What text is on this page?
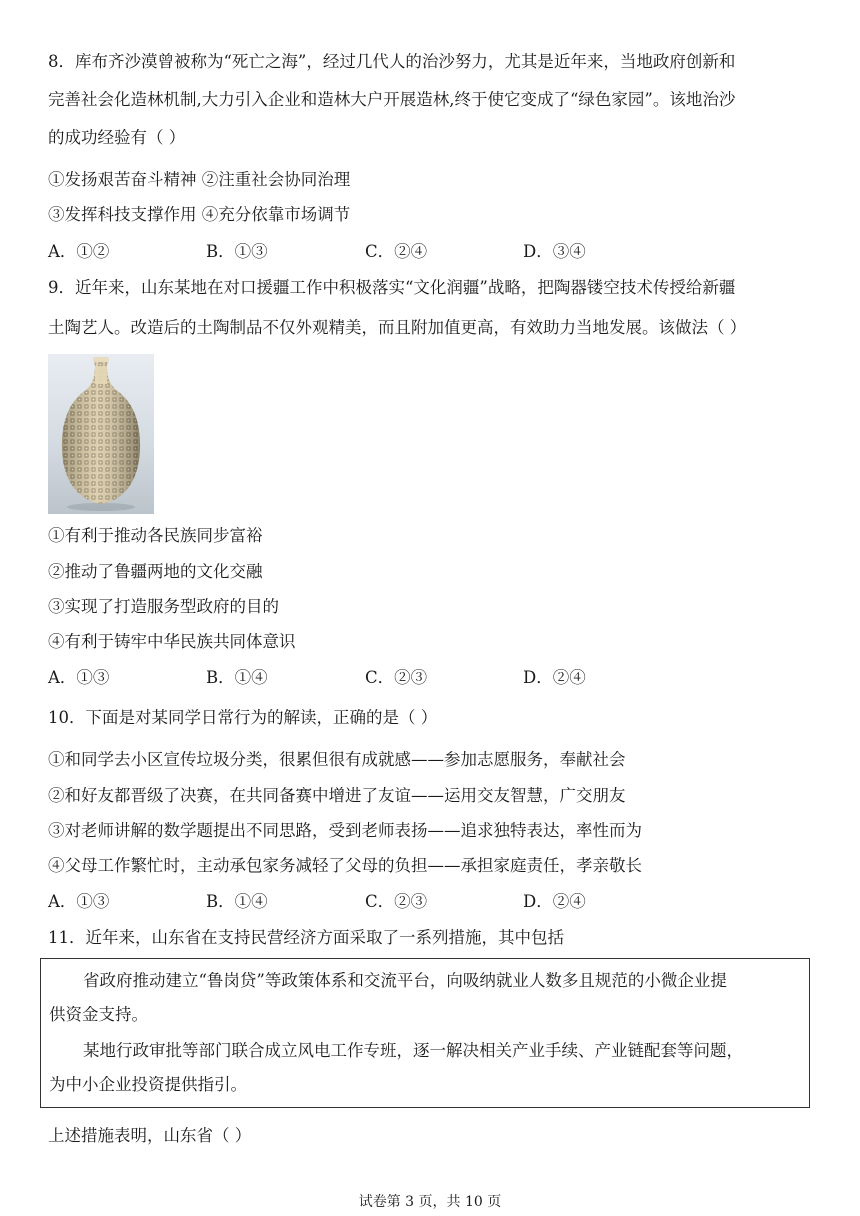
8．库布齐沙漠曾被称为“死亡之海”，经过几代人的治沙努力，尤其是近年来，当地政府创新和
完善社会化造林机制,大力引入企业和造林大户开展造林,终于使它变成了“绿色家园”。该地治沙
的成功经验有（ ）
①发扬艰苦奋斗精神 ②注重社会协同治理
③发挥科技支撑作用 ④充分依靠市场调节
A．①②	B．①③	C．②④	D．③④
9．近年来，山东某地在对口援疆工作中积极落实“文化润疆”战略，把陶器镂空技术传授给新疆
土陶艺人。改造后的土陶制品不仅外观精美，而且附加值更高，有效助力当地发展。该做法（ ）
①有利于推动各民族同步富裕
②推动了鲁疆两地的文化交融
③实现了打造服务型政府的目的
④有利于铸牢中华民族共同体意识
A．①③	B．①④	C．②③	D．②④
10．下面是对某同学日常行为的解读，正确的是（ ）
①和同学去小区宣传垃圾分类，很累但很有成就感——参加志愿服务，奉献社会
②和好友都晋级了决赛，在共同备赛中增进了友谊——运用交友智慧，广交朋友
③对老师讲解的数学题提出不同思路，受到老师表扬——追求独特表达，率性而为
④父母工作繁忙时，主动承包家务减轻了父母的负担——承担家庭责任，孝亲敬长
A．①③	B．①④	C．②③	D．②④
11．近年来，山东省在支持民营经济方面采取了一系列措施，其中包括
省政府推动建立“鲁岗贷”等政策体系和交流平台，向吸纳就业人数多且规范的小微企业提
供资金支持。
某地行政审批等部门联合成立风电工作专班，逐一解决相关产业手续、产业链配套等问题，
为中小企业投资提供指引。
上述措施表明，山东省（ ）
试卷第 3 页，共 10 页
